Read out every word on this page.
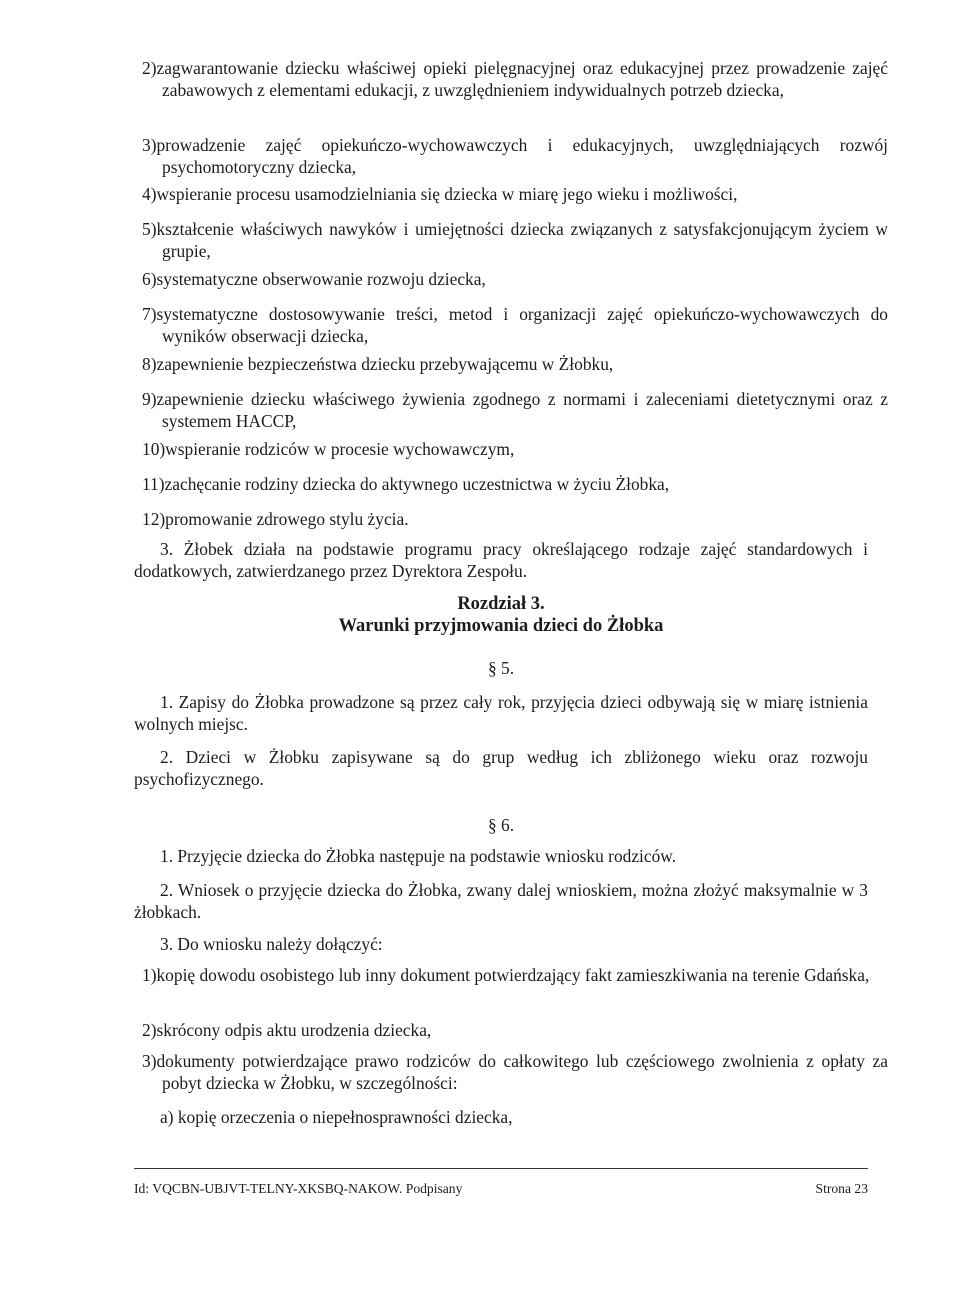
2)zagwarantowanie dziecku właściwej opieki pielęgnacyjnej oraz edukacyjnej przez prowadzenie zajęć zabawowych z elementami edukacji, z uwzględnieniem indywidualnych potrzeb dziecka,
3)prowadzenie zajęć opiekuńczo-wychowawczych i edukacyjnych, uwzględniających rozwój psychomotoryczny dziecka,
4)wspieranie procesu usamodzielniania się dziecka w miarę jego wieku i możliwości,
5)kształcenie właściwych nawyków i umiejętności dziecka związanych z satysfakcjonującym życiem w grupie,
6)systematyczne obserwowanie rozwoju dziecka,
7)systematyczne dostosowywanie treści, metod i organizacji zajęć opiekuńczo-wychowawczych do wyników obserwacji dziecka,
8)zapewnienie bezpieczeństwa dziecku przebywającemu w Żłobku,
9)zapewnienie dziecku właściwego żywienia zgodnego z normami i zaleceniami dietetycznymi oraz z systemem HACCP,
10)wspieranie rodziców w procesie wychowawczym,
11)zachęcanie rodziny dziecka do aktywnego uczestnictwa w życiu Żłobka,
12)promowanie zdrowego stylu życia.
3. Żłobek działa na podstawie programu pracy określającego rodzaje zajęć standardowych i dodatkowych, zatwierdzanego przez Dyrektora Zespołu.
Rozdział 3.
Warunki przyjmowania dzieci do Żłobka
§ 5.
1. Zapisy do Żłobka prowadzone są przez cały rok, przyjęcia dzieci odbywają się w miarę istnienia wolnych miejsc.
2. Dzieci w Żłobku zapisywane są do grup według ich zbliżonego wieku oraz rozwoju psychofizycznego.
§ 6.
1. Przyjęcie dziecka do Żłobka następuje na podstawie wniosku rodziców.
2. Wniosek o przyjęcie dziecka do Żłobka, zwany dalej wnioskiem, można złożyć maksymalnie w 3 żłobkach.
3. Do wniosku należy dołączyć:
1)kopię dowodu osobistego lub inny dokument potwierdzający fakt zamieszkiwania na terenie Gdańska,
2)skrócony odpis aktu urodzenia dziecka,
3)dokumenty potwierdzające prawo rodziców do całkowitego lub częściowego zwolnienia z opłaty za pobyt dziecka w Żłobku, w szczególności:
a) kopię orzeczenia o niepełnosprawności dziecka,
Id: VQCBN-UBJVT-TELNY-XKSBQ-NAKOW. Podpisany	Strona 23
